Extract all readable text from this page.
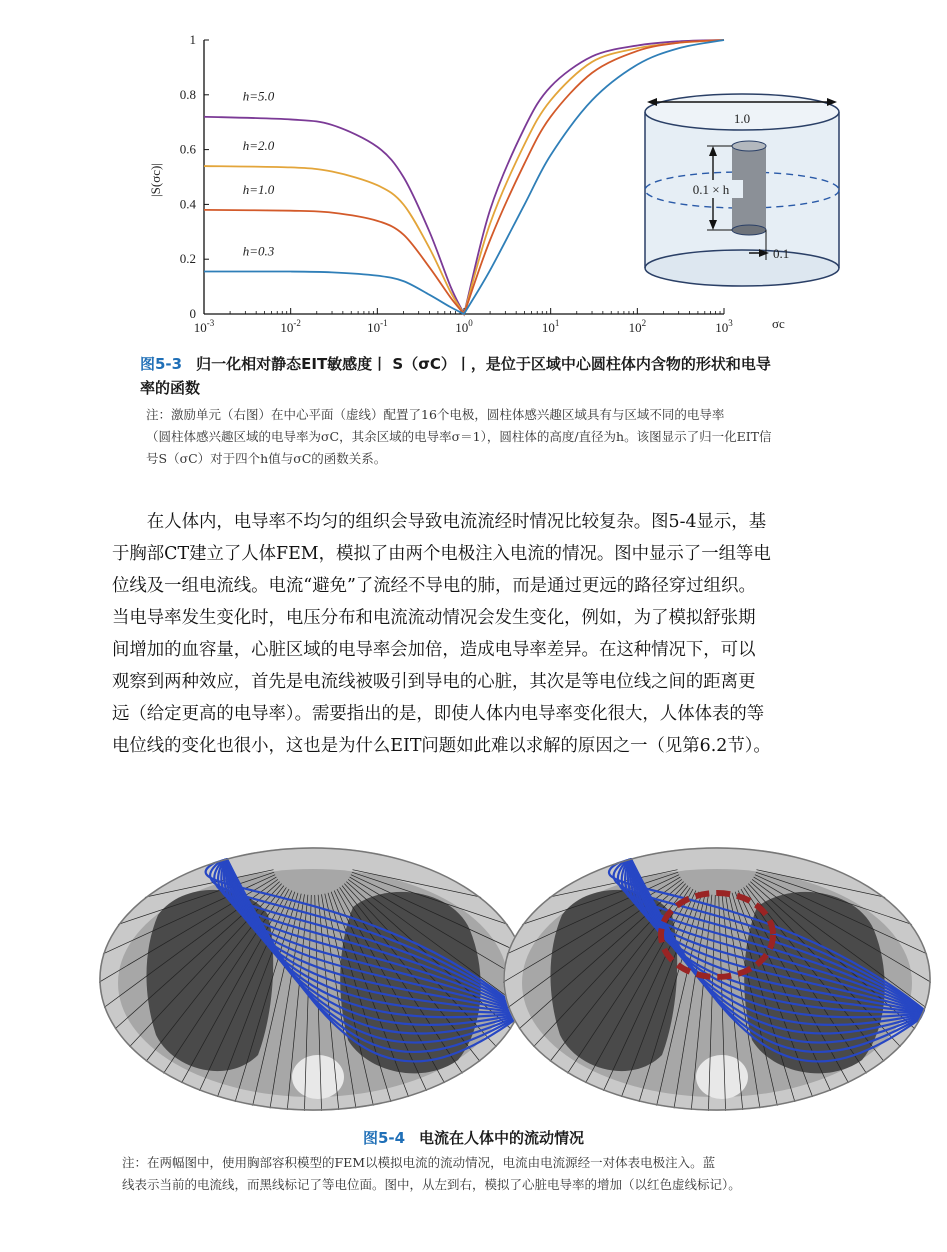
0
0.2
0.4
0.6
0.8
1
$10^{-3}$	$10^{-2}$	$10^{-1}$	$10^0$	$10^1$	$10^2$	$10^3$
h=5.0
h=2.0
h=1.0
h=0.3
|S(σc)|
σc
1.0
0.1 × h
0.1
图5-3 归一化相对静态EIT敏感度丨 S（σC）丨，是位于区域中心圆柱体内含物的形状和电导
率的函数
注：激励单元（右图）在中心平面（虚线）配置了16个电极，圆柱体感兴趣区域具有与区域不同的电导率
（圆柱体感兴趣区域的电导率为σC，其余区域的电导率σ＝1），圆柱体的高度/直径为h。该图显示了归一化EIT信
号S（σC）对于四个h值与σC的函数关系。
在人体内，电导率不均匀的组织会导致电流流经时情况比较复杂。图5-4显示，基
于胸部CT建立了人体FEM，模拟了由两个电极注入电流的情况。图中显示了一组等电
位线及一组电流线。电流“避免”了流经不导电的肺，而是通过更远的路径穿过组织。
当电导率发生变化时，电压分布和电流流动情况会发生变化，例如，为了模拟舒张期
间增加的血容量，心脏区域的电导率会加倍，造成电导率差异。在这种情况下，可以
观察到两种效应，首先是电流线被吸引到导电的心脏，其次是等电位线之间的距离更
远（给定更高的电导率）。需要指出的是，即使人体内电导率变化很大，人体体表的等
电位线的变化也很小，这也是为什么EIT问题如此难以求解的原因之一（见第6.2节）。
图5-4 电流在人体中的流动情况
注：在两幅图中，使用胸部容积模型的FEM以模拟电流的流动情况，电流由电流源经一对体表电极注入。蓝
线表示当前的电流线，而黑线标记了等电位面。图中，从左到右，模拟了心脏电导率的增加（以红色虚线标记）。
